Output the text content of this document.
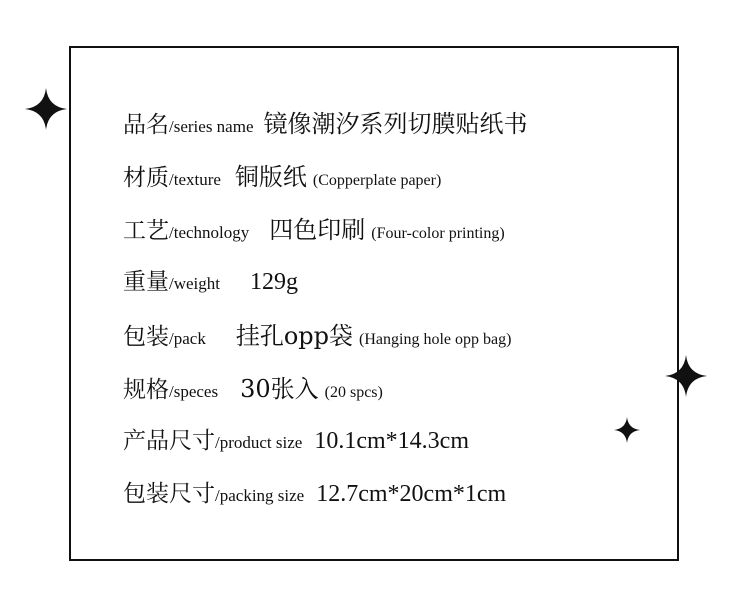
品名 /series name 镜像潮汐系列切膜贴纸书
材质 /texture 铜版纸 (Copperplate paper)
工艺 /technology 四色印刷 (Four-color printing)
重量 /weight 129g
包装 /pack 挂孔opp袋 (Hanging hole opp bag)
规格 /speces 30张入 (20 spcs)
产品尺寸 /product size 10.1cm*14.3cm
包装尺寸 /packing size 12.7cm*20cm*1cm
